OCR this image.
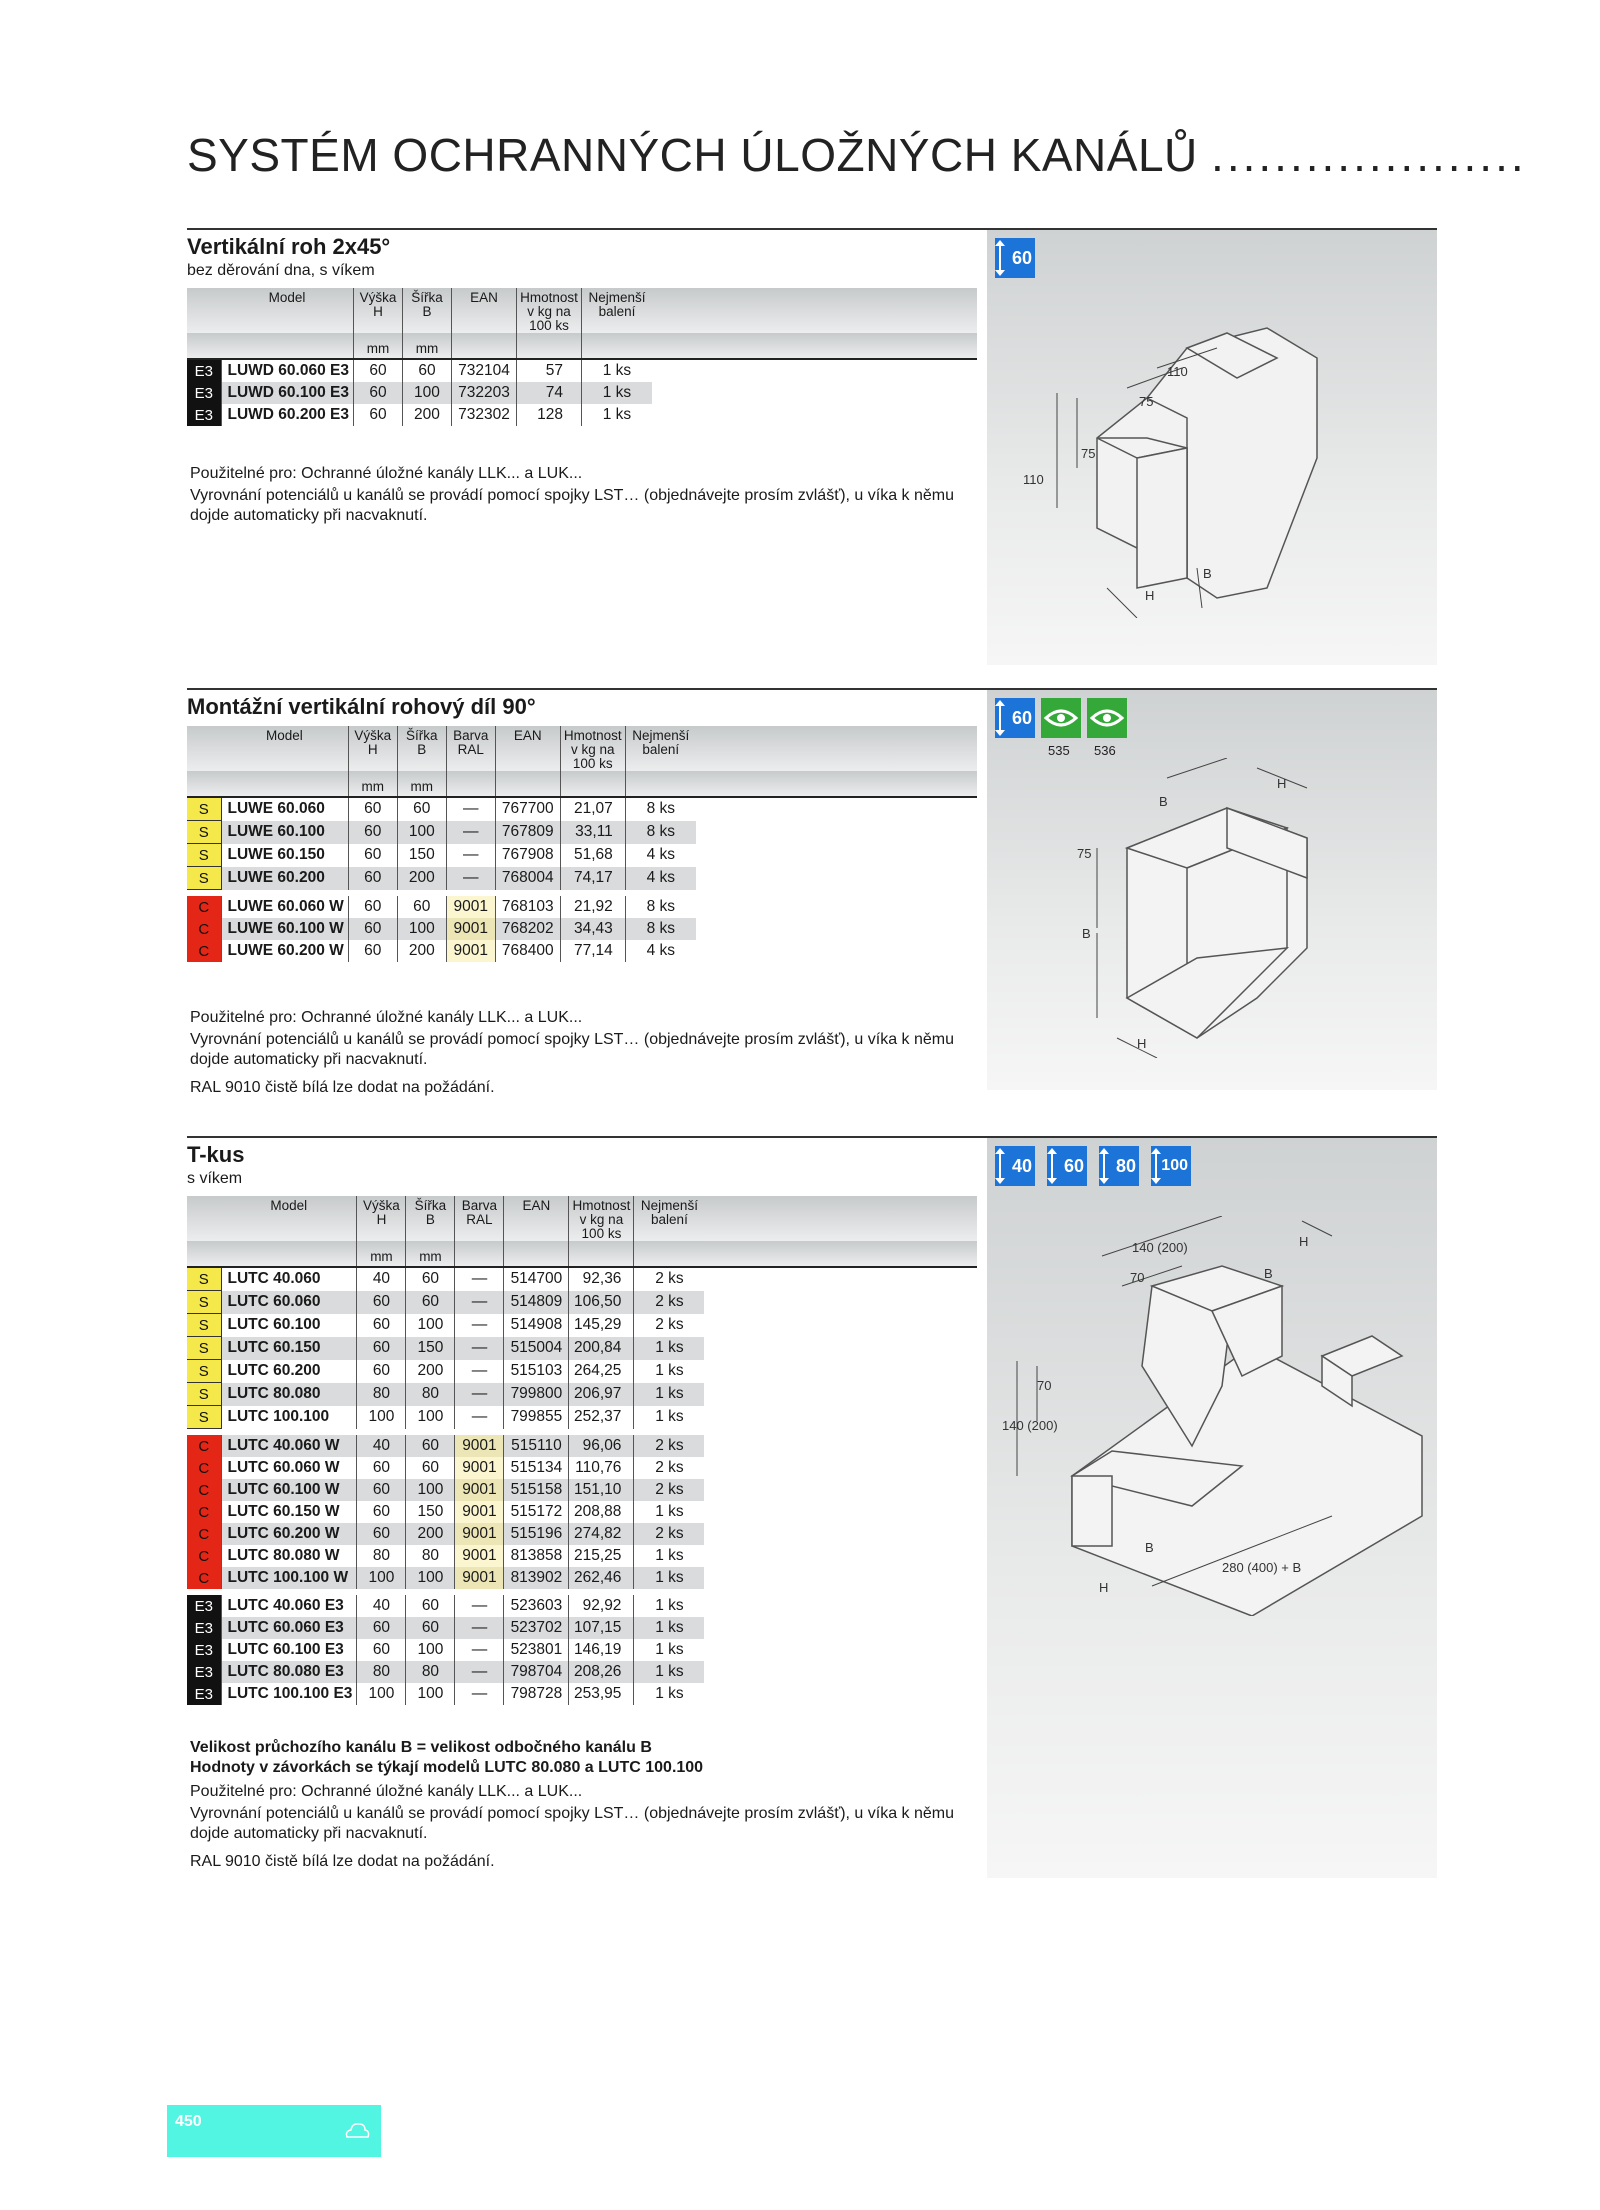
SYSTÉM OCHRANNÝCH ÚLOŽNÝCH KANÁLŮ ....................
Vertikální roh 2x45°
bez děrování dna, s víkem
	Model	Výška H	Šířka B	EAN	Hmotnost v kg na 100 ks	Nejmenší balení	
		mm	mm				
E3	LUWD 60.060 E3	60	60	732104	57	1 ks	
E3	LUWD 60.100 E3	60	100	732203	74	1 ks	
E3	LUWD 60.200 E3	60	200	732302	128	1 ks	
Použitelné pro: Ochranné úložné kanály LLK... a LUK...
Vyrovnání potenciálů u kanálů se provádí pomocí spojky LST… (objednávejte prosím zvlášť), u víka k němu dojde automaticky při nacvaknutí.
60
110
75
75
110
B
H
Montážní vertikální rohový díl 90°
	Model	Výška H	Šířka B	Barva RAL	EAN	Hmotnost v kg na 100 ks	Nejmenší balení	
		mm	mm					
S	LUWE 60.060	60	60	—	767700	21,07	8 ks	
S	LUWE 60.100	60	100	—	767809	33,11	8 ks	
S	LUWE 60.150	60	150	—	767908	51,68	4 ks	
S	LUWE 60.200	60	200	—	768004	74,17	4 ks	

C	LUWE 60.060 W	60	60	9001	768103	21,92	8 ks	
C	LUWE 60.100 W	60	100	9001	768202	34,43	8 ks	
C	LUWE 60.200 W	60	200	9001	768400	77,14	4 ks	
Použitelné pro: Ochranné úložné kanály LLK... a LUK...
Vyrovnání potenciálů u kanálů se provádí pomocí spojky LST… (objednávejte prosím zvlášť), u víka k němu dojde automaticky při nacvaknutí.
RAL 9010 čistě bílá lze dodat na požádání.
60
535 536
B
H
75
B
H
T-kus
s víkem
	Model	Výška H	Šířka B	Barva RAL	EAN	Hmotnost v kg na 100 ks	Nejmenší balení	
		mm	mm					
S	LUTC 40.060	40	60	—	514700	92,36	2 ks	
S	LUTC 60.060	60	60	—	514809	106,50	2 ks	
S	LUTC 60.100	60	100	—	514908	145,29	2 ks	
S	LUTC 60.150	60	150	—	515004	200,84	1 ks	
S	LUTC 60.200	60	200	—	515103	264,25	1 ks	
S	LUTC 80.080	80	80	—	799800	206,97	1 ks	
S	LUTC 100.100	100	100	—	799855	252,37	1 ks	

C	LUTC 40.060 W	40	60	9001	515110	96,06	2 ks	
C	LUTC 60.060 W	60	60	9001	515134	110,76	2 ks	
C	LUTC 60.100 W	60	100	9001	515158	151,10	2 ks	
C	LUTC 60.150 W	60	150	9001	515172	208,88	1 ks	
C	LUTC 60.200 W	60	200	9001	515196	274,82	2 ks	
C	LUTC 80.080 W	80	80	9001	813858	215,25	1 ks	
C	LUTC 100.100 W	100	100	9001	813902	262,46	1 ks	

E3	LUTC 40.060 E3	40	60	—	523603	92,92	1 ks	
E3	LUTC 60.060 E3	60	60	—	523702	107,15	1 ks	
E3	LUTC 60.100 E3	60	100	—	523801	146,19	1 ks	
E3	LUTC 80.080 E3	80	80	—	798704	208,26	1 ks	
E3	LUTC 100.100 E3	100	100	—	798728	253,95	1 ks	
Velikost průchozího kanálu B = velikost odbočného kanálu B
Hodnoty v závorkách se týkají modelů LUTC 80.080 a LUTC 100.100
Použitelné pro: Ochranné úložné kanály LLK... a LUK...
Vyrovnání potenciálů u kanálů se provádí pomocí spojky LST… (objednávejte prosím zvlášť), u víka k němu dojde automaticky při nacvaknutí.
RAL 9010 čistě bílá lze dodat na požádání.
40 60 80 100
140 (200)	H
70	B
70
140 (200)
B
H
280 (400) + B
450
